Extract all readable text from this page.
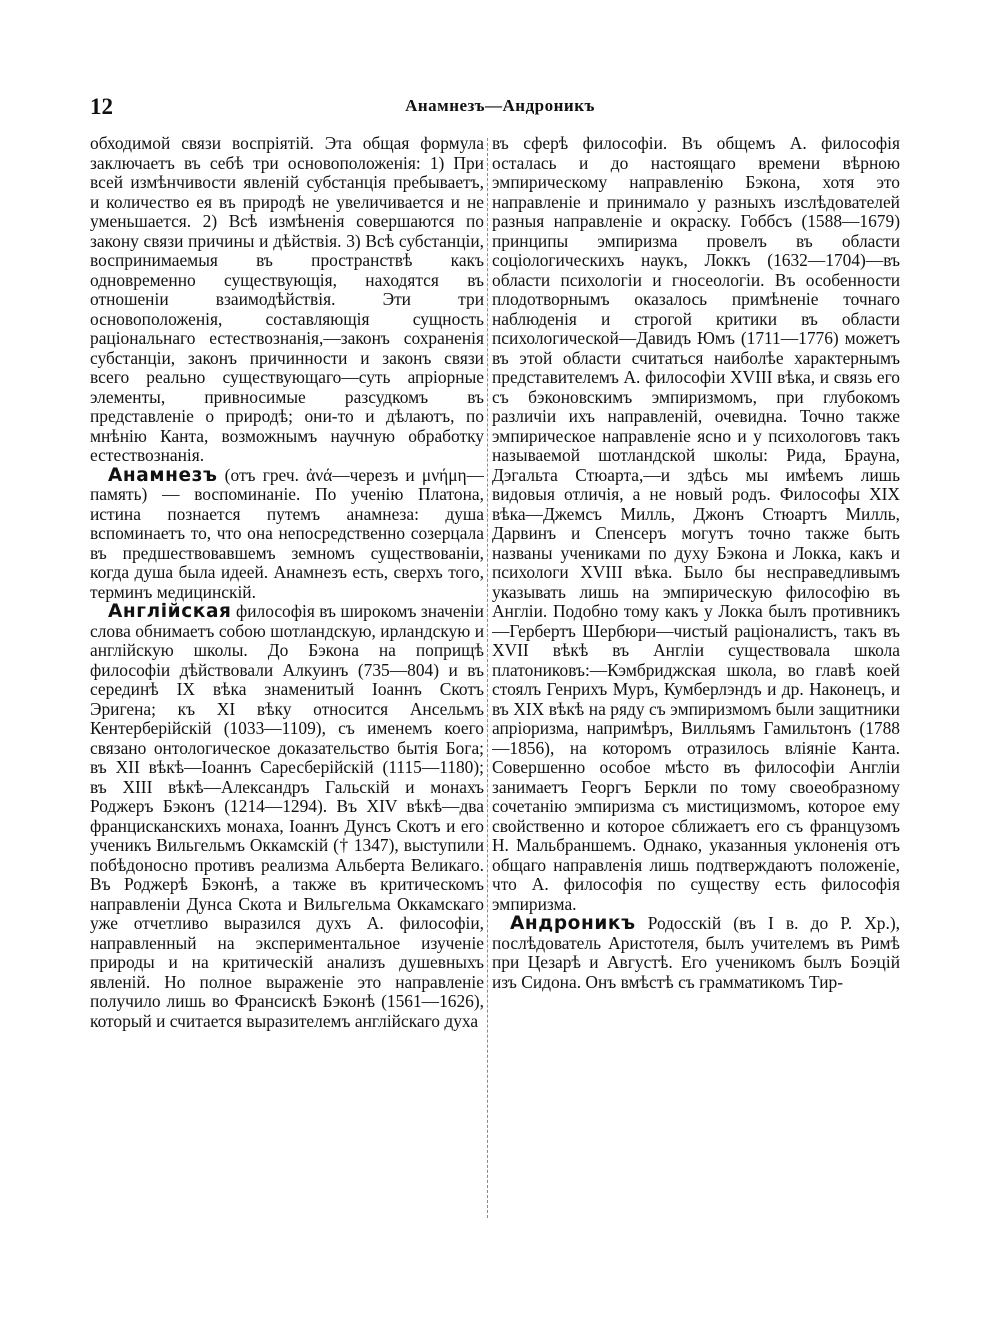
12	Анамнезъ—Андроникъ

обходимой связи воспріятій. Эта общая формула заключаетъ въ себѣ три основоположенія: 1) При всей измѣнчивости явленій субстанція пребываетъ, и количество ея въ природѣ не увеличивается и не уменьшается. 2) Всѣ измѣненія совершаются по закону связи причины и дѣйствія. 3) Всѣ субстанціи, воспринимаемыя въ пространствѣ какъ одновременно существующія, находятся въ отношеніи взаимодѣйствія. Эти три основоположенія, составляющія сущность раціональнаго естествознанія,—законъ сохраненія субстанціи, законъ причинности и законъ связи всего реально существующаго—суть апріорные элементы, привносимые разсудкомъ въ представленіе о природѣ; они-то и дѣлаютъ, по мнѣнію Канта, возможнымъ научную обработку естествознанія.

Анамнезъ (отъ греч. ἀνά—черезъ и μνήμη—память) — воспоминаніе. По ученію Платона, истина познается путемъ анамнеза: душа вспоминаетъ то, что она непосредственно созерцала въ предшествовавшемъ земномъ существованіи, когда душа была идеей. Анамнезъ есть, сверхъ того, терминъ медицинскій.

Англійская философія въ широкомъ значеніи слова обнимаетъ собою шотландскую, ирландскую и англійскую школы. До Бэкона на поприщѣ философіи дѣйствовали Алкуинъ (735—804) и въ серединѣ IX вѣка знаменитый Іоаннъ Скотъ Эригена; къ XI вѣку относится Ансельмъ Кентерберійскій (1033—1109), съ именемъ коего связано онтологическое доказательство бытія Бога; въ XII вѣкѣ—Іоаннъ Сaресберійскій (1115—1180); въ XIII вѣкѣ—Александръ Гальскій и монахъ Роджеръ Бэконъ (1214—1294). Въ XIV вѣкѣ—два францисканскихъ монаха, Іоаннъ Дунсъ Скотъ и его ученикъ Вильгельмъ Оккамскій († 1347), выступили побѣдоносно противъ реализма Альберта Великаго. Въ Роджерѣ Бэконѣ, а также въ критическомъ направленіи Дунса Скота и Вильгельма Оккамскаго уже отчетливо выразился духъ А. философіи, направленный на экспериментальное изученіе природы и на критическій анализъ душевныхъ явленій. Но полное выраженіе это направленіе получило лишь во Франсискѣ Бэконѣ (1561—1626), который и считается выразителемъ англійскаго духа

въ сферѣ философіи. Въ общемъ А. философія осталась и до настоящаго времени вѣрною эмпирическому направленію Бэкона, хотя это направленіе и принимало у разныхъ изслѣдователей разныя направленіе и окраску. Гоббсъ (1588—1679) принципы эмпиризма провелъ въ области соціологическихъ наукъ, Локкъ (1632—1704)—въ области психологіи и гносеологіи. Въ особенности плодотворнымъ оказалось примѣненіе точнаго наблюденія и строгой критики въ области психологической—Давидъ Юмъ (1711—1776) можетъ въ этой области считаться наиболѣе характернымъ представителемъ А. философіи XVIII вѣка, и связь его съ бэконовскимъ эмпиризмомъ, при глубокомъ различіи ихъ направленій, очевидна. Точно также эмпирическое направленіе ясно и у психологовъ такъ называемой шотландской школы: Рида, Брауна, Дэгальта Стюарта,—и здѣсь мы имѣемъ лишь видовыя отличія, а не новый родъ. Философы XIX вѣка—Джемсъ Милль, Джонъ Стюартъ Милль, Дарвинъ и Спенсеръ могутъ точно также быть названы учениками по духу Бэкона и Локка, какъ и психологи XVIII вѣка. Было бы несправедливымъ указывать лишь на эмпирическую философію въ Англіи. Подобно тому какъ у Локка былъ противникъ—Гербертъ Шербюри—чистый раціоналистъ, такъ въ XVII вѣкѣ въ Англіи существовала школа платониковъ:—Кэмбриджская школа, во главѣ коей стоялъ Генрихъ Муръ, Кумберлэндъ и др. Наконецъ, и въ XIX вѣкѣ на ряду съ эмпиризмомъ были защитники апріоризма, напримѣръ, Вилльямъ Гамильтонъ (1788—1856), на которомъ отразилось вліяніе Канта. Совершенно особое мѣсто въ философіи Англіи занимаетъ Георгъ Беркли по тому своеобразному сочетанію эмпиризма съ мистицизмомъ, которое ему свойственно и которое сближаетъ его съ французомъ Н. Мальбраншемъ. Однако, указанныя уклоненія отъ общаго направленія лишь подтверждаютъ положеніе, что А. философія по существу есть философія эмпиризма.

Андроникъ Родосскій (въ I в. до Р. Хр.), послѣдователь Аристотеля, былъ учителемъ въ Римѣ при Цезарѣ и Августѣ. Его ученикомъ былъ Боэцій изъ Сидона. Онъ вмѣстѣ съ грамматикомъ Тир-
